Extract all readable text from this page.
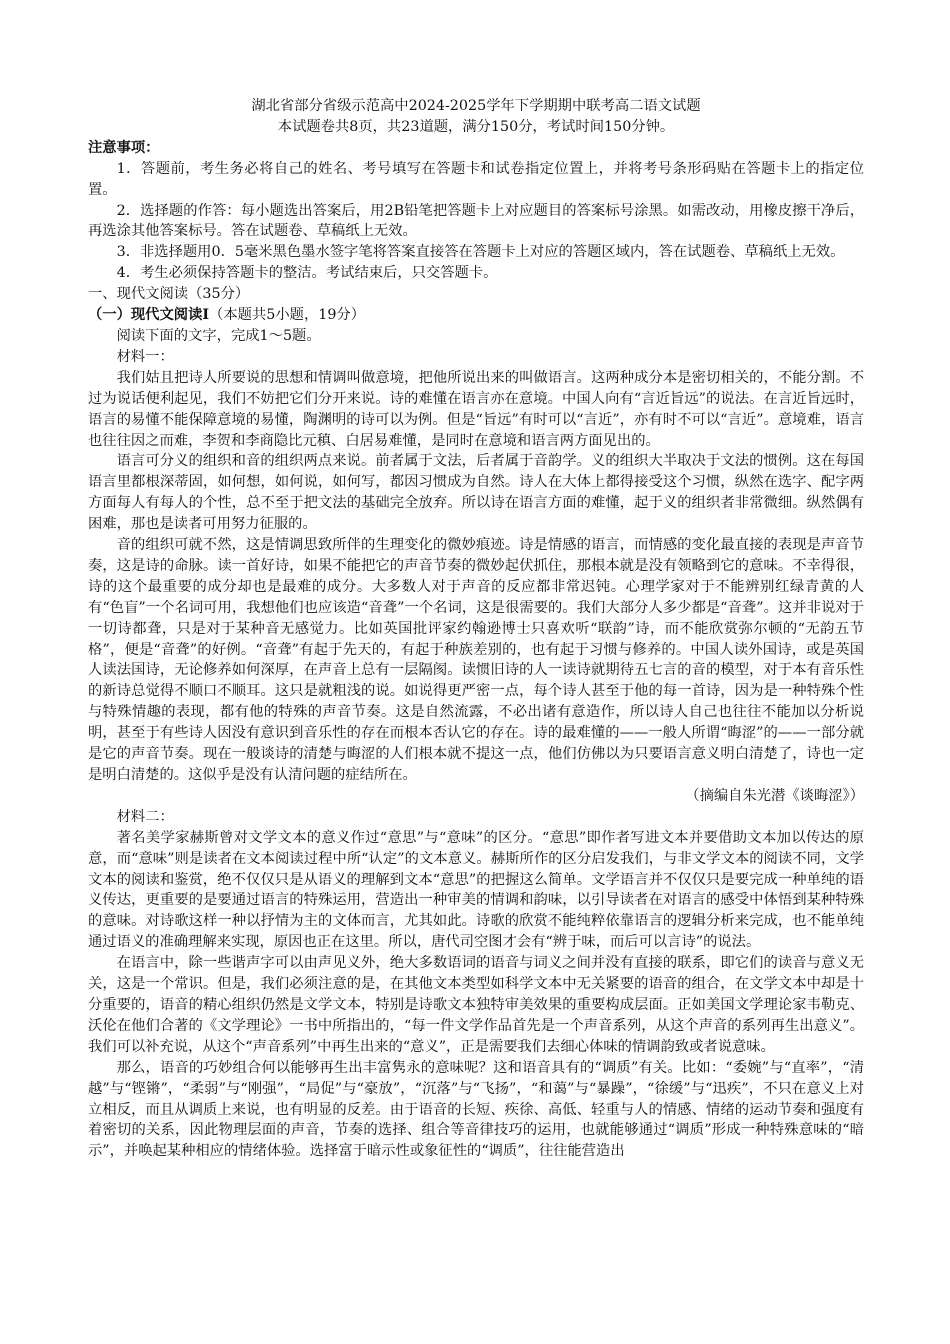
湖北省部分省级示范高中2024-2025学年下学期期中联考高二语文试题
本试题卷共8页，共23道题，满分150分，考试时间150分钟。
注意事项：
1．答题前，考生务必将自己的姓名、考号填写在答题卡和试卷指定位置上，并将考号条形码贴在答题卡上的指定位置。
2．选择题的作答：每小题选出答案后，用2B铅笔把答题卡上对应题目的答案标号涂黑。如需改动，用橡皮擦干净后，再选涂其他答案标号。答在试题卷、草稿纸上无效。
3．非选择题用0．5毫米黑色墨水签字笔将答案直接答在答题卡上对应的答题区域内，答在试题卷、草稿纸上无效。
4．考生必须保持答题卡的整洁。考试结束后，只交答题卡。
一、现代文阅读（35分）
（一）现代文阅读Ⅰ（本题共5小题，19分）
阅读下面的文字，完成1～5题。
材料一：
我们姑且把诗人所要说的思想和情调叫做意境，把他所说出来的叫做语言。这两种成分本是密切相关的，不能分割。不过为说话便利起见，我们不妨把它们分开来说。诗的难懂在语言亦在意境。中国人向有“言近旨远”的说法。在言近旨远时，语言的易懂不能保障意境的易懂，陶渊明的诗可以为例。但是“旨远”有时可以“言近”，亦有时不可以“言近”。意境难，语言也往往因之而难，李贺和李商隐比元稹、白居易难懂，是同时在意境和语言两方面见出的。
语言可分义的组织和音的组织两点来说。前者属于文法，后者属于音韵学。义的组织大半取决于文法的惯例。这在每国语言里都根深蒂固，如何想，如何说，如何写，都因习惯成为自然。诗人在大体上都得接受这个习惯，纵然在选字、配字两方面每人有每人的个性，总不至于把文法的基础完全放弃。所以诗在语言方面的难懂，起于义的组织者非常微细。纵然偶有困难，那也是读者可用努力征服的。
音的组织可就不然，这是情调思致所伴的生理变化的微妙痕迹。诗是情感的语言，而情感的变化最直接的表现是声音节奏，这是诗的命脉。读一首好诗，如果不能把它的声音节奏的微妙起伏抓住，那根本就是没有领略到它的意味。不幸得很，诗的这个最重要的成分却也是最难的成分。大多数人对于声音的反应都非常迟钝。心理学家对于不能辨别红绿青黄的人有“色盲”一个名词可用，我想他们也应该造“音聋”一个名词，这是很需要的。我们大部分人多少都是“音聋”。这并非说对于一切诗都聋，只是对于某种音无感觉力。比如英国批评家约翰逊博士只喜欢听“联韵”诗，而不能欣赏弥尔顿的“无韵五节格”，便是“音聋”的好例。“音聋”有起于先天的，有起于种族差别的，也有起于习惯与修养的。中国人读外国诗，或是英国人读法国诗，无论修养如何深厚，在声音上总有一层隔阂。读惯旧诗的人一读诗就期待五七言的音的模型，对于本有音乐性的新诗总觉得不顺口不顺耳。这只是就粗浅的说。如说得更严密一点，每个诗人甚至于他的每一首诗，因为是一种特殊个性与特殊情趣的表现，都有他的特殊的声音节奏。这是自然流露，不必出诸有意造作，所以诗人自己也往往不能加以分析说明，甚至于有些诗人因没有意识到音乐性的存在而根本否认它的存在。诗的最难懂的——一般人所谓“晦涩”的——一部分就是它的声音节奏。现在一般谈诗的清楚与晦涩的人们根本就不提这一点，他们仿佛以为只要语言意义明白清楚了，诗也一定是明白清楚的。这似乎是没有认清问题的症结所在。
（摘编自朱光潜《谈晦涩》）
材料二：
著名美学家赫斯曾对文学文本的意义作过“意思”与“意味”的区分。“意思”即作者写进文本并要借助文本加以传达的原意，而“意味”则是读者在文本阅读过程中所“认定”的文本意义。赫斯所作的区分启发我们，与非文学文本的阅读不同，文学文本的阅读和鉴赏，绝不仅仅只是从语义的理解到文本“意思”的把握这么简单。文学语言并不仅仅只是要完成一种单纯的语义传达，更重要的是要通过语言的特殊运用，营造出一种审美的情调和韵味，以引导读者在对语言的感受中体悟到某种特殊的意味。对诗歌这样一种以抒情为主的文体而言，尤其如此。诗歌的欣赏不能纯粹依靠语言的逻辑分析来完成，也不能单纯通过语义的准确理解来实现，原因也正在这里。所以，唐代司空图才会有“辨于味，而后可以言诗”的说法。
在语言中，除一些谐声字可以由声见义外，绝大多数语词的语音与词义之间并没有直接的联系，即它们的读音与意义无关，这是一个常识。但是，我们必须注意的是，在其他文本类型如科学文本中无关紧要的语音的组合，在文学文本中却是十分重要的，语音的精心组织仍然是文学文本，特别是诗歌文本独特审美效果的重要构成层面。正如美国文学理论家韦勒克、沃伦在他们合著的《文学理论》一书中所指出的，“每一件文学作品首先是一个声音系列，从这个声音的系列再生出意义”。我们可以补充说，从这个“声音系列”中再生出来的“意义”，正是需要我们去细心体味的情调韵致或者说意味。
那么，语音的巧妙组合何以能够再生出丰富隽永的意味呢？这和语音具有的“调质”有关。比如：“委婉”与“直率”，“清越”与“铿锵”，“柔弱”与“刚强”，“局促”与“豪放”，“沉落”与“飞扬”，“和蔼”与“暴躁”，“徐缓”与“迅疾”，不只在意义上对立相反，而且从调质上来说，也有明显的反差。由于语音的长短、疾徐、高低、轻重与人的情感、情绪的运动节奏和强度有着密切的关系，因此物理层面的声音，节奏的选择、组合等音律技巧的运用，也就能够通过“调质”形成一种特殊意味的“暗示”，并唤起某种相应的情绪体验。选择富于暗示性或象征性的“调质”，往往能营造出
